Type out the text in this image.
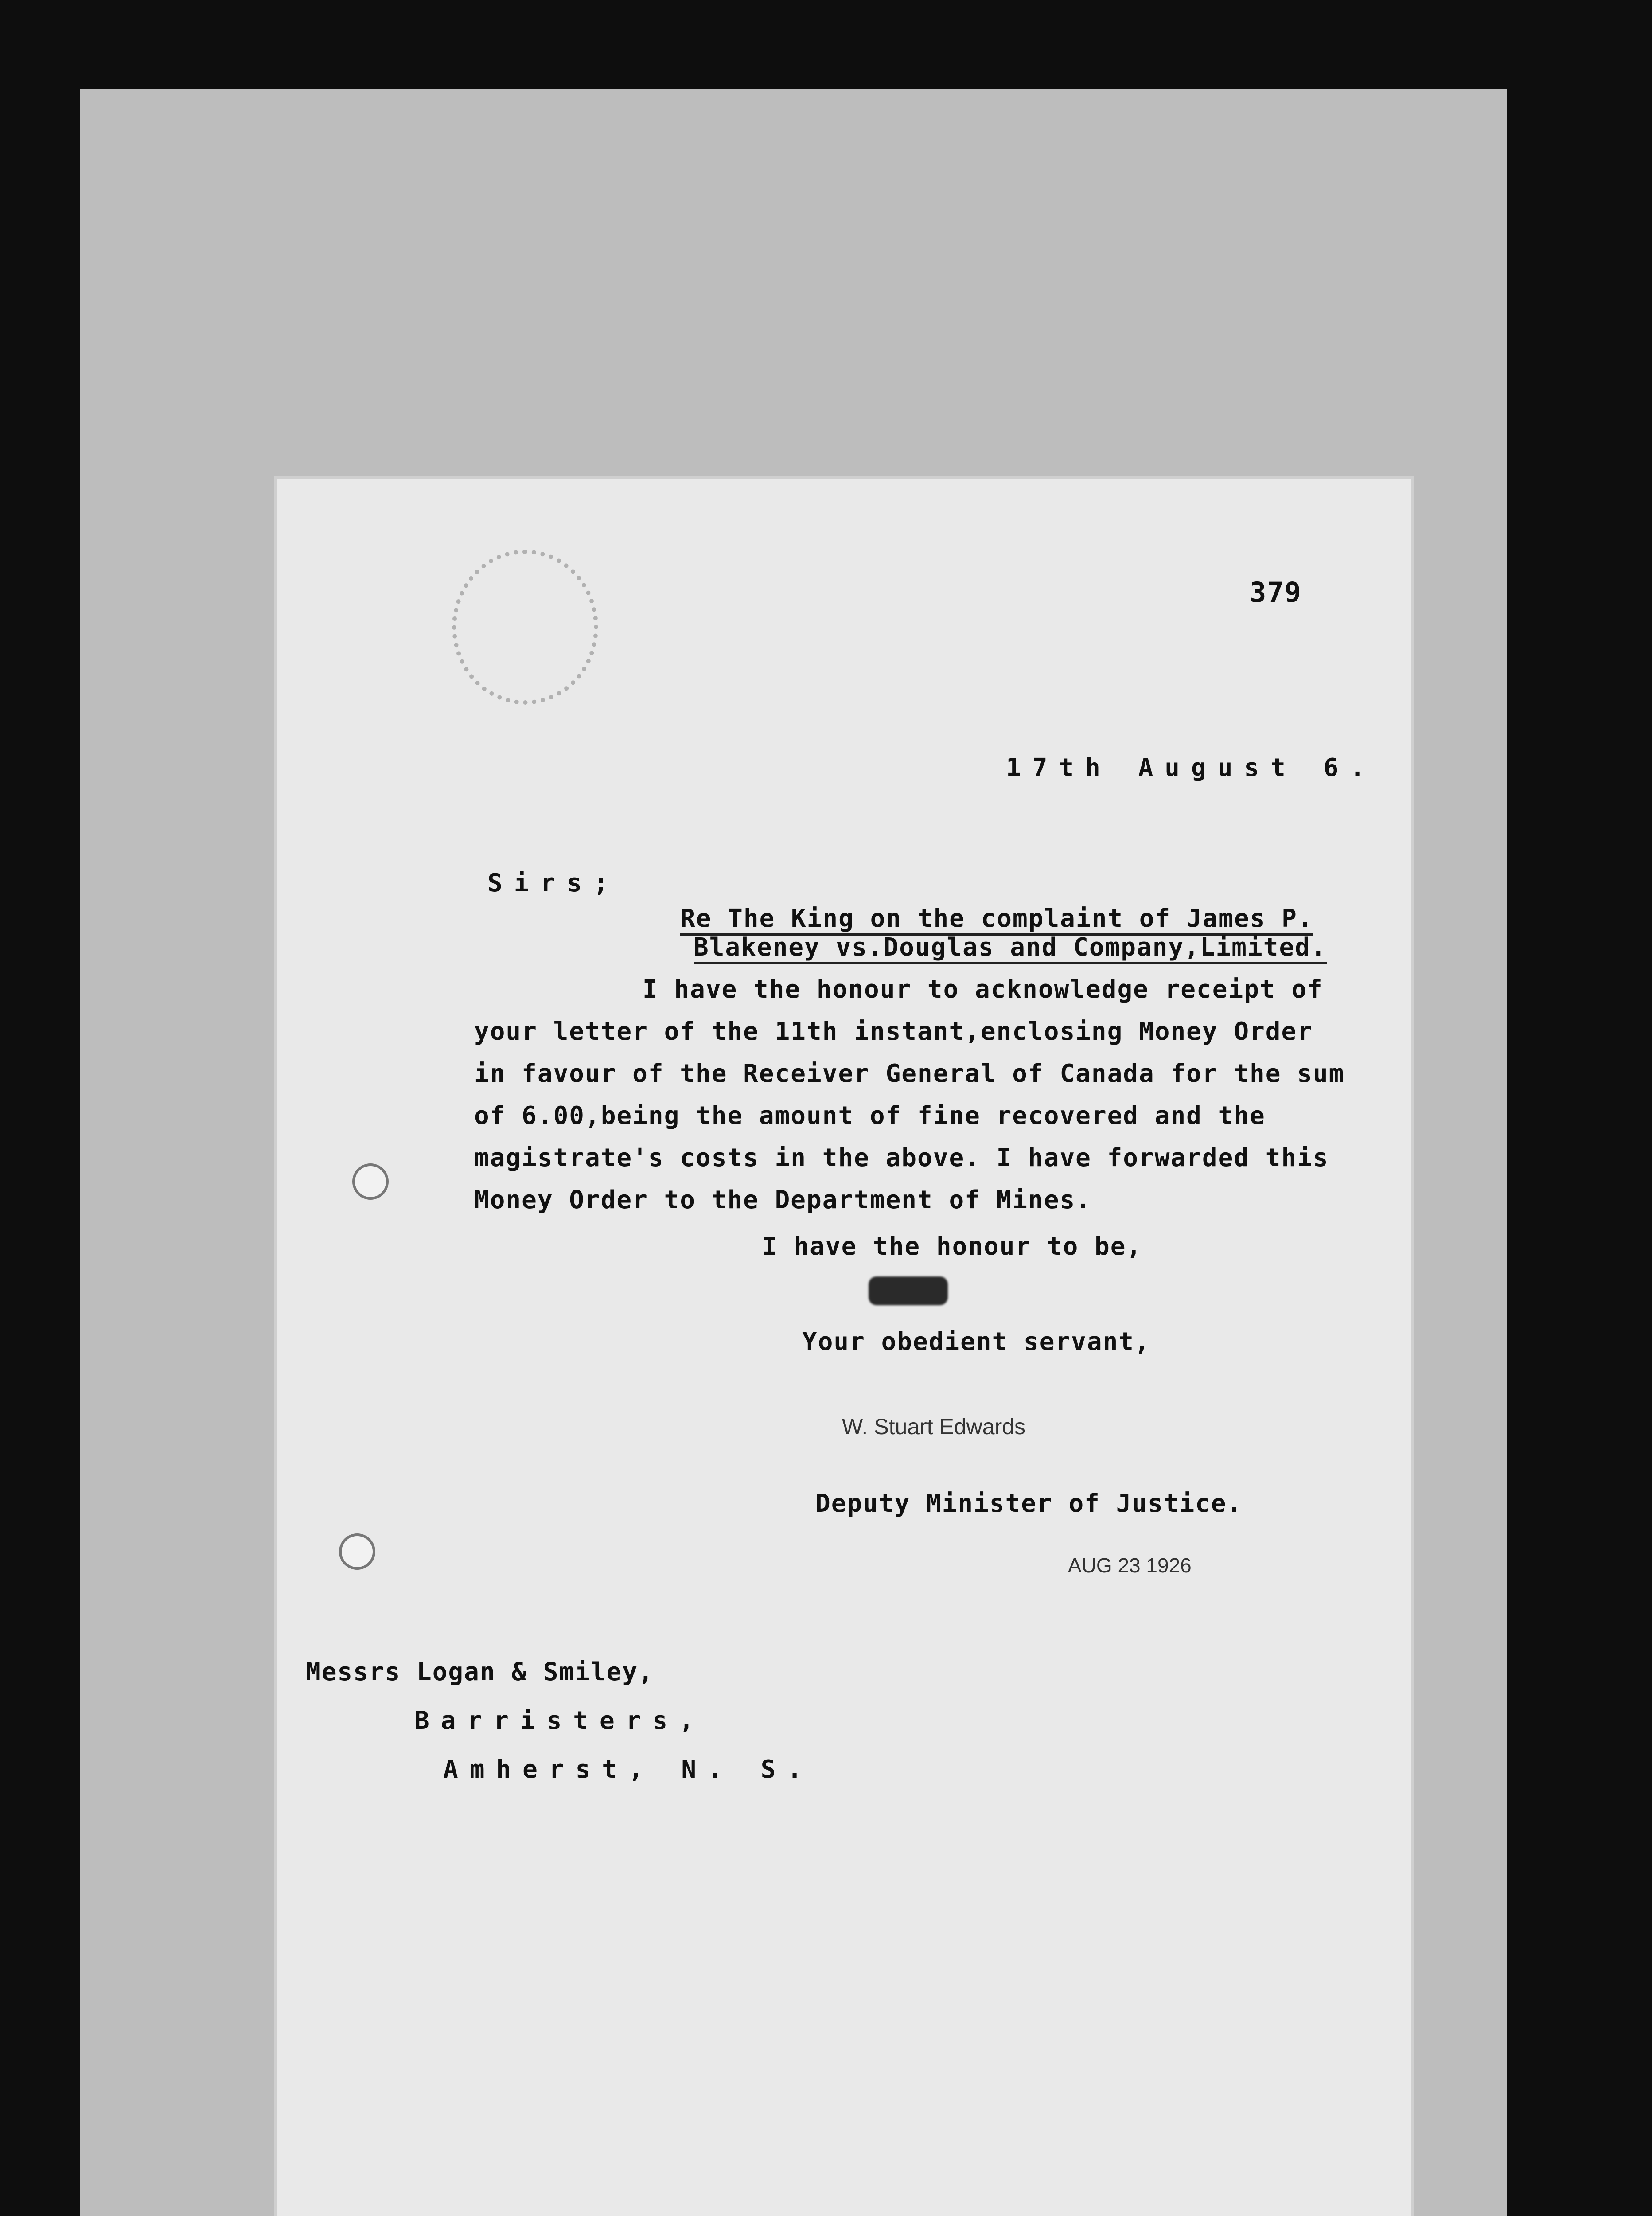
379
17th August 6.
Sirs;
Re The King on the complaint of James P.
Blakeney vs.Douglas and Company,Limited.
I have the honour to acknowledge receipt of
your letter of the 11th instant,enclosing Money Order
in favour of the Receiver General of Canada for the sum
of 6.00,being the amount of fine recovered and the
magistrate's costs in the above. I have forwarded this
Money Order to the Department of Mines.
I have the honour to be,
Your obedient servant,
W. Stuart Edwards
Deputy Minister of Justice.
AUG 23 1926
Messrs Logan & Smiley,
Barristers,
Amherst, N. S.
